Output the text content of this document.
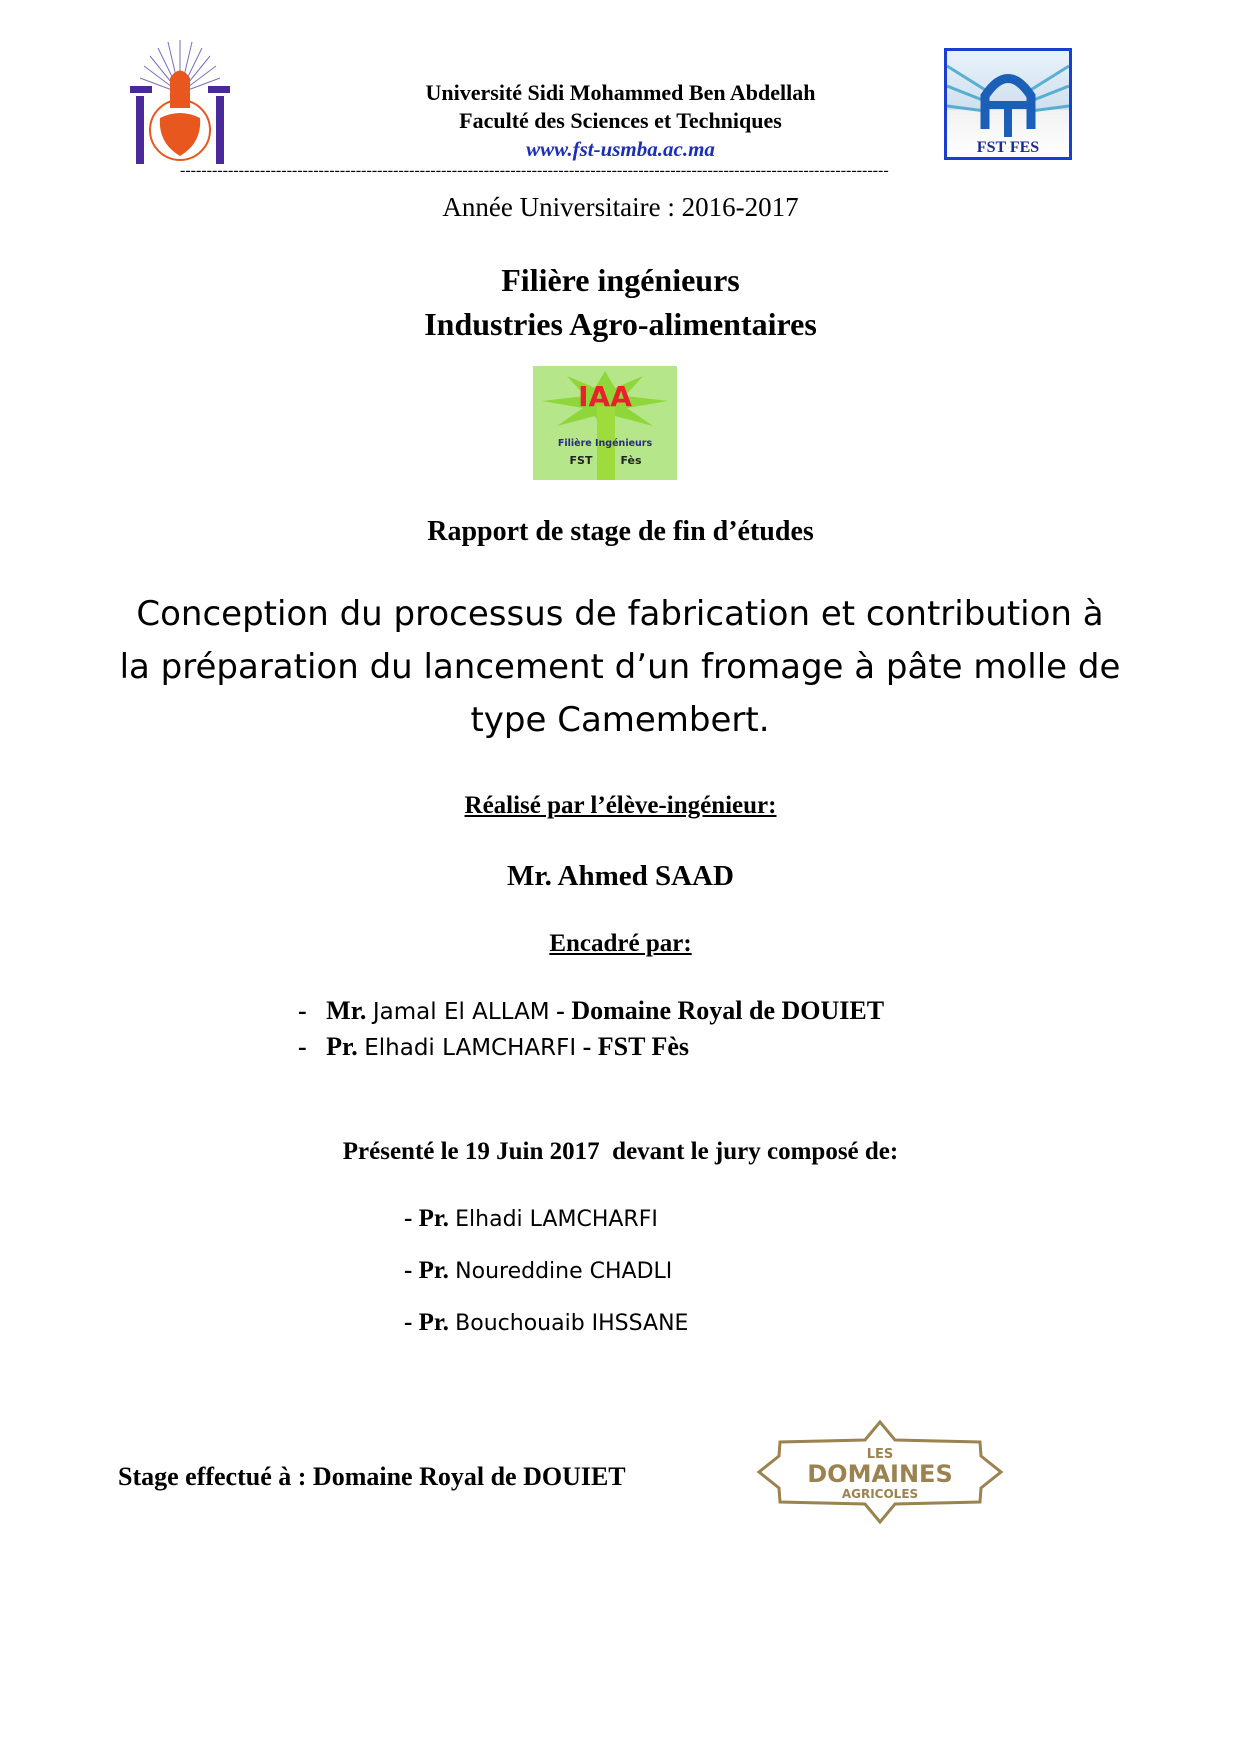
Université Sidi Mohammed Ben Abdellah
Faculté des Sciences et Techniques
www.fst-usmba.ac.ma	FST FES
-------------------------------------------------------------------------------------------------------------------------------------
Année Universitaire : 2016-2017
Filière ingénieurs
Industries Agro-alimentaires
IAA
Filière Ingénieurs
FST	Fès
Rapport de stage de fin d’études
Conception du processus de fabrication et contribution à
la préparation du lancement d’un fromage à pâte molle de
type Camembert.
Réalisé par l’élève-ingénieur:
Mr. Ahmed SAAD
Encadré par:
- Mr. Jamal El ALLAM - Domaine Royal de DOUIET
- Pr. Elhadi LAMCHARFI - FST Fès
Présenté le 19 Juin 2017  devant le jury composé de:
- Pr. Elhadi LAMCHARFI
- Pr. Noureddine CHADLI
- Pr. Bouchouaib IHSSANE
Stage effectué à : Domaine Royal de DOUIET
LES
DOMAINES
AGRICOLES
